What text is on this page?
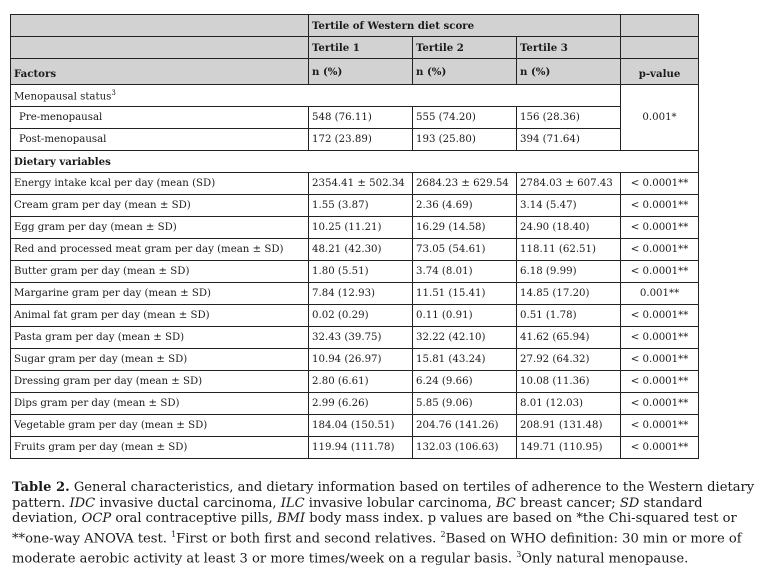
	Tertile of Western diet score			
	Tertile 1	Tertile 2	Tertile 3	
Factors	n (%)	n (%)	n (%)	p-value
Menopausal status$^3$				0.001*
Pre-menopausal	548 (76.11)	555 (74.20)	156 (28.36)	
Post-menopausal	172 (23.89)	193 (25.80)	394 (71.64)	
Dietary variables				
Energy intake kcal per day (mean (SD)	2354.41 ± 502.34	2684.23 ± 629.54	2784.03 ± 607.43	< 0.0001**
Cream gram per day (mean ± SD)	1.55 (3.87)	2.36 (4.69)	3.14 (5.47)	< 0.0001**
Egg gram per day (mean ± SD)	10.25 (11.21)	16.29 (14.58)	24.90 (18.40)	< 0.0001**
Red and processed meat gram per day (mean ± SD)	48.21 (42.30)	73.05 (54.61)	118.11 (62.51)	< 0.0001**
Butter gram per day (mean ± SD)	1.80 (5.51)	3.74 (8.01)	6.18 (9.99)	< 0.0001**
Margarine gram per day (mean ± SD)	7.84 (12.93)	11.51 (15.41)	14.85 (17.20)	0.001**
Animal fat gram per day (mean ± SD)	0.02 (0.29)	0.11 (0.91)	0.51 (1.78)	< 0.0001**
Pasta gram per day (mean ± SD)	32.43 (39.75)	32.22 (42.10)	41.62 (65.94)	< 0.0001**
Sugar gram per day (mean ± SD)	10.94 (26.97)	15.81 (43.24)	27.92 (64.32)	< 0.0001**
Dressing gram per day (mean ± SD)	2.80 (6.61)	6.24 (9.66)	10.08 (11.36)	< 0.0001**
Dips gram per day (mean ± SD)	2.99 (6.26)	5.85 (9.06)	8.01 (12.03)	< 0.0001**
Vegetable gram per day (mean ± SD)	184.04 (150.51)	204.76 (141.26)	208.91 (131.48)	< 0.0001**
Fruits gram per day (mean ± SD)	119.94 (111.78)	132.03 (106.63)	149.71 (110.95)	< 0.0001**
Table 2. General characteristics, and dietary information based on tertiles of adherence to the Western dietary pattern. IDC invasive ductal carcinoma, ILC invasive lobular carcinoma, BC breast cancer; SD standard deviation, OCP oral contraceptive pills, BMI body mass index. p values are based on *the Chi-squared test or **one-way ANOVA test. $^1$First or both first and second relatives. $^2$Based on WHO definition: 30 min or more of moderate aerobic activity at least 3 or more times/week on a regular basis. $^3$Only natural menopause.
